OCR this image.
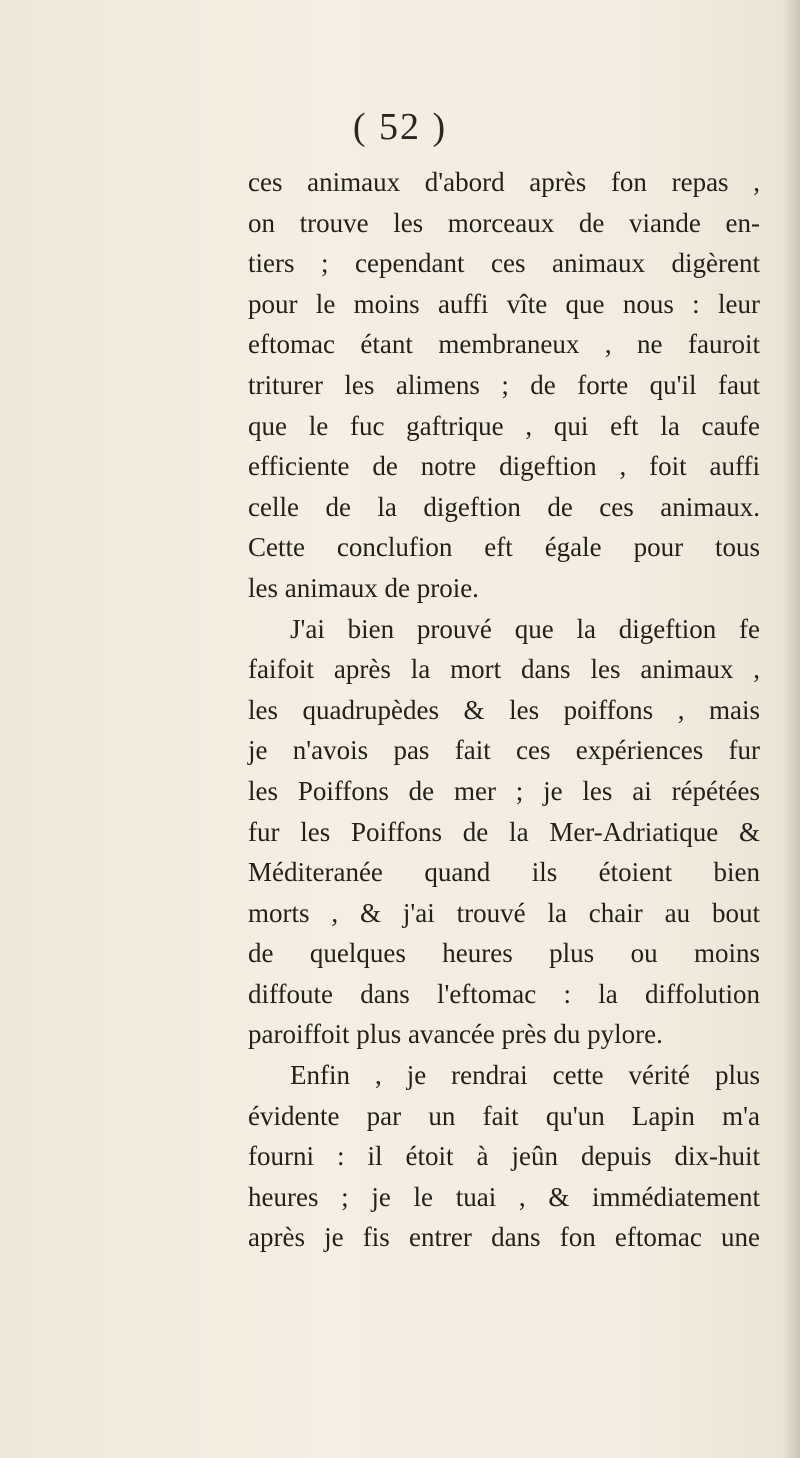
( 52 )
ces animaux d'abord après fon repas ,
on trouve les morceaux de viande en-
tiers ; cependant ces animaux digèrent
pour le moins auffi vîte que nous : leur
eftomac étant membraneux , ne fauroit
triturer les alimens ; de forte qu'il faut
que le fuc gaftrique , qui eft la caufe
efficiente de notre digeftion , foit auffi
celle de la digeftion de ces animaux.
Cette conclufion eft égale pour tous
les animaux de proie.
J'ai bien prouvé que la digeftion fe
faifoit après la mort dans les animaux ,
les quadrupèdes & les poiffons , mais
je n'avois pas fait ces expériences fur
les Poiffons de mer ; je les ai répétées
fur les Poiffons de la Mer-Adriatique &
Méditeranée quand ils étoient bien
morts , & j'ai trouvé la chair au bout
de quelques heures plus ou moins
diffoute dans l'eftomac : la diffolution
paroiffoit plus avancée près du pylore.
Enfin , je rendrai cette vérité plus
évidente par un fait qu'un Lapin m'a
fourni : il étoit à jeûn depuis dix-huit
heures ; je le tuai , & immédiatement
après je fis entrer dans fon eftomac une
